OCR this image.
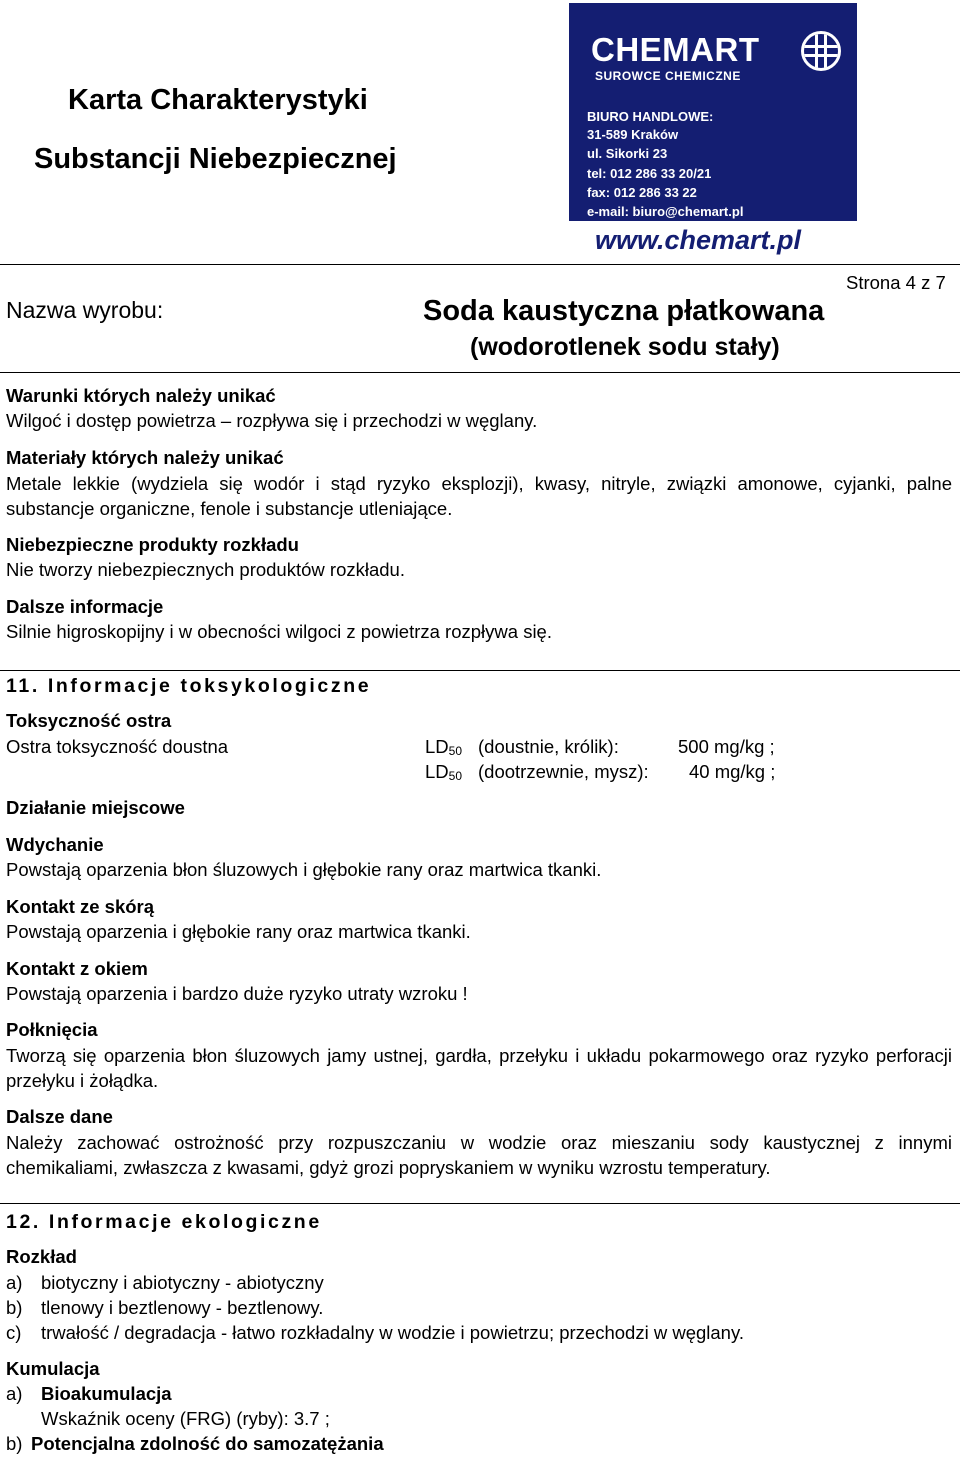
Karta Charakterystyki
Substancji Niebezpiecznej
CHEMART
SUROWCE CHEMICZNE
BIURO HANDLOWE:
31-589 Kraków
ul. Sikorki 23
tel: 012 286 33 20/21
fax: 012 286 33 22
e-mail: biuro@chemart.pl
www.chemart.pl
Strona 4 z 7
Nazwa wyrobu:	Soda kaustyczna płatkowana
(wodorotlenek sodu stały)
Warunki których należy unikać
Wilgoć i dostęp powietrza – rozpływa się i przechodzi w węglany.
Materiały których należy unikać
Metale lekkie (wydziela się wodór i stąd ryzyko eksplozji), kwasy, nitryle, związki amonowe, cyjanki, palne substancje organiczne, fenole i substancje utleniające.
Niebezpieczne produkty rozkładu
Nie tworzy niebezpiecznych produktów rozkładu.
Dalsze informacje
Silnie higroskopijny i w obecności wilgoci z powietrza rozpływa się.
11. Informacje toksykologiczne
Toksyczność ostra
Ostra toksyczność doustna	$LD_{50}$ (doustnie, królik):	500 mg/kg ;
$LD_{50}$ (dootrzewnie, mysz): 40 mg/kg ;
Działanie miejscowe
Wdychanie
Powstają oparzenia błon śluzowych i głębokie rany oraz martwica tkanki.
Kontakt ze skórą
Powstają oparzenia i głębokie rany oraz martwica tkanki.
Kontakt z okiem
Powstają oparzenia i bardzo duże ryzyko utraty wzroku !
Połknięcia
Tworzą się oparzenia błon śluzowych jamy ustnej, gardła, przełyku i układu pokarmowego oraz ryzyko perforacji przełyku i żołądka.
Dalsze dane
Należy zachować ostrożność przy rozpuszczaniu w wodzie oraz mieszaniu sody kaustycznej z innymi chemikaliami, zwłaszcza z kwasami, gdyż grozi popryskaniem w wyniku wzrostu temperatury.
12. Informacje ekologiczne
Rozkład
a) biotyczny i abiotyczny - abiotyczny
b) tlenowy i beztlenowy - beztlenowy.
c) trwałość / degradacja - łatwo rozkładalny w wodzie i powietrzu; przechodzi w węglany.
Kumulacja
a) Bioakumulacja
Wskaźnik oceny (FRG) (ryby): 3.7 ;
b) Potencjalna zdolność do samozatężania
